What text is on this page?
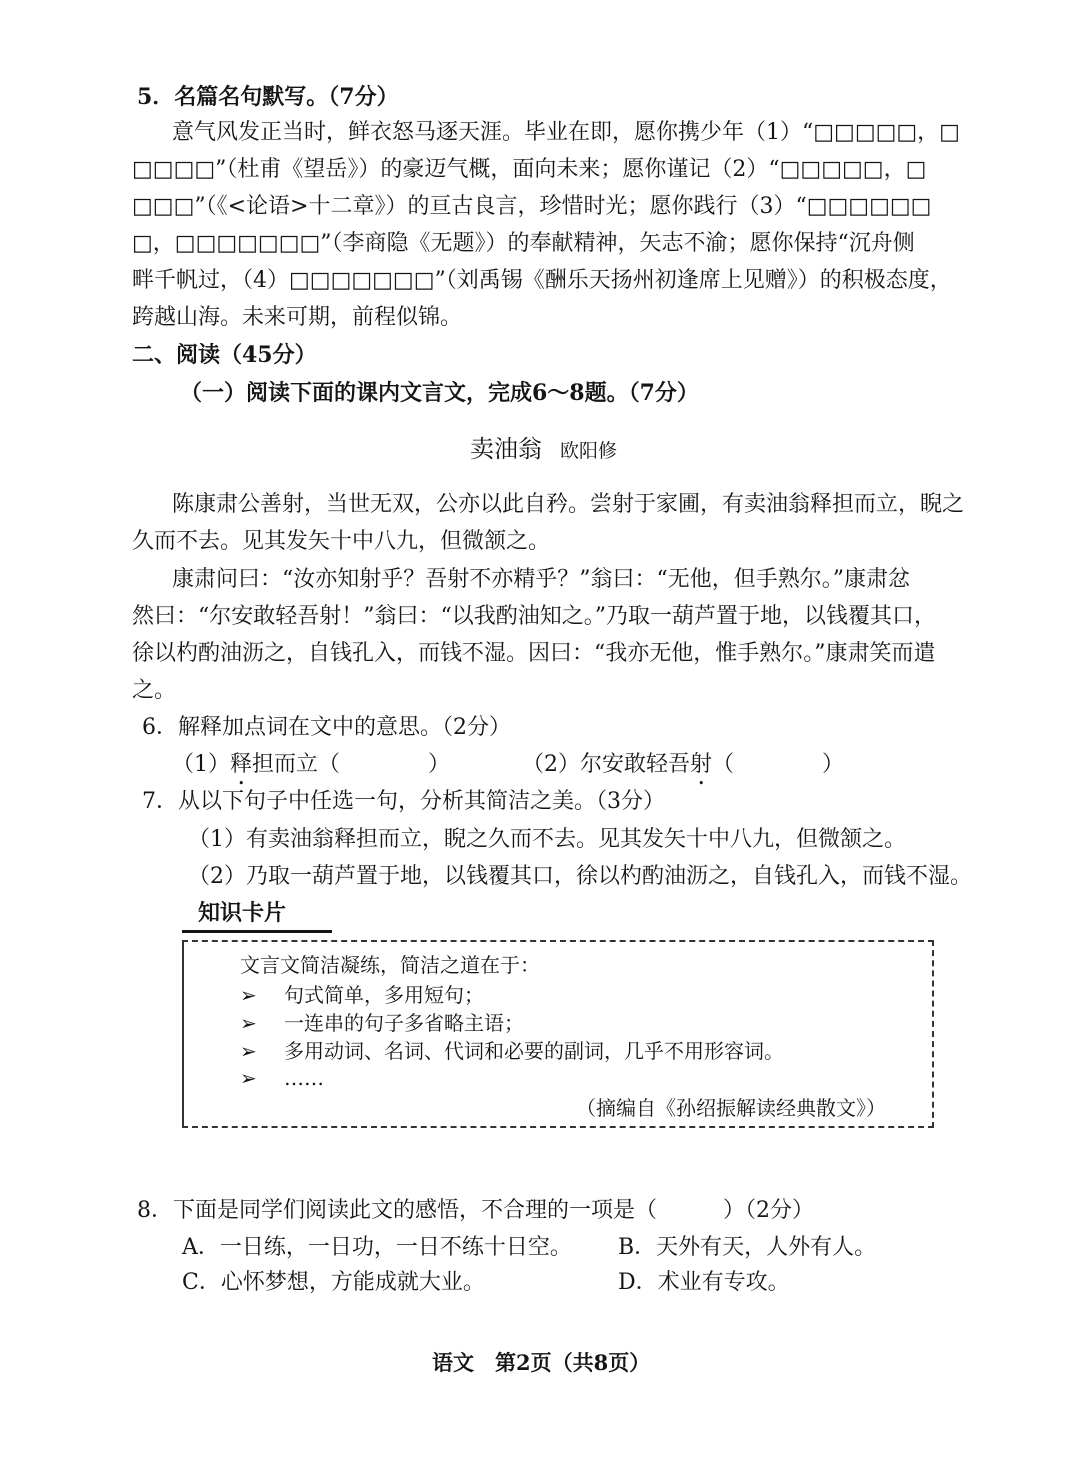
5．名篇名句默写。（7分）
意气风发正当时，鲜衣怒马逐天涯。毕业在即，愿你携少年（1）“□□□□□，□
□□□□”（杜甫《望岳》）的豪迈气概，面向未来；愿你谨记（2）“□□□□□，□
□□□”（《<论语>十二章》）的亘古良言，珍惜时光；愿你践行（3）“□□□□□□
□，□□□□□□□”（李商隐《无题》）的奉献精神，矢志不渝；愿你保持“沉舟侧
畔千帆过，（4）□□□□□□□”（刘禹锡《酬乐天扬州初逢席上见赠》）的积极态度，
跨越山海。未来可期，前程似锦。
二、阅读（45分）
（一）阅读下面的课内文言文，完成6～8题。（7分）
卖油翁 欧阳修
陈康肃公善射，当世无双，公亦以此自矜。尝射于家圃，有卖油翁释担而立，睨之
久而不去。见其发矢十中八九，但微颔之。
康肃问曰：“汝亦知射乎？吾射不亦精乎？”翁曰：“无他，但手熟尔。”康肃忿
然曰：“尔安敢轻吾射！”翁曰：“以我酌油知之。”乃取一葫芦置于地，以钱覆其口，
徐以杓酌油沥之，自钱孔入，而钱不湿。因曰：“我亦无他，惟手熟尔。”康肃笑而遣
之。
6．解释加点词在文中的意思。（2分）
（1）释担而立（　　　　）	（2）尔安敢轻吾射（　　　　）
7．从以下句子中任选一句，分析其简洁之美。（3分）
（1）有卖油翁释担而立，睨之久而不去。见其发矢十中八九，但微颔之。
（2）乃取一葫芦置于地，以钱覆其口，徐以杓酌油沥之，自钱孔入，而钱不湿。
知识卡片
文言文简洁凝练，简洁之道在于：
➢ 句式简单，多用短句；
➢ 一连串的句子多省略主语；
➢ 多用动词、名词、代词和必要的副词，几乎不用形容词。
➢ ……
（摘编自《孙绍振解读经典散文》）
8．下面是同学们阅读此文的感悟，不合理的一项是（　　　）（2分）
A．一日练，一日功，一日不练十日空。 B．天外有天，人外有人。
C．心怀梦想，方能成就大业。	D．术业有专攻。
语文　第2页（共8页）
